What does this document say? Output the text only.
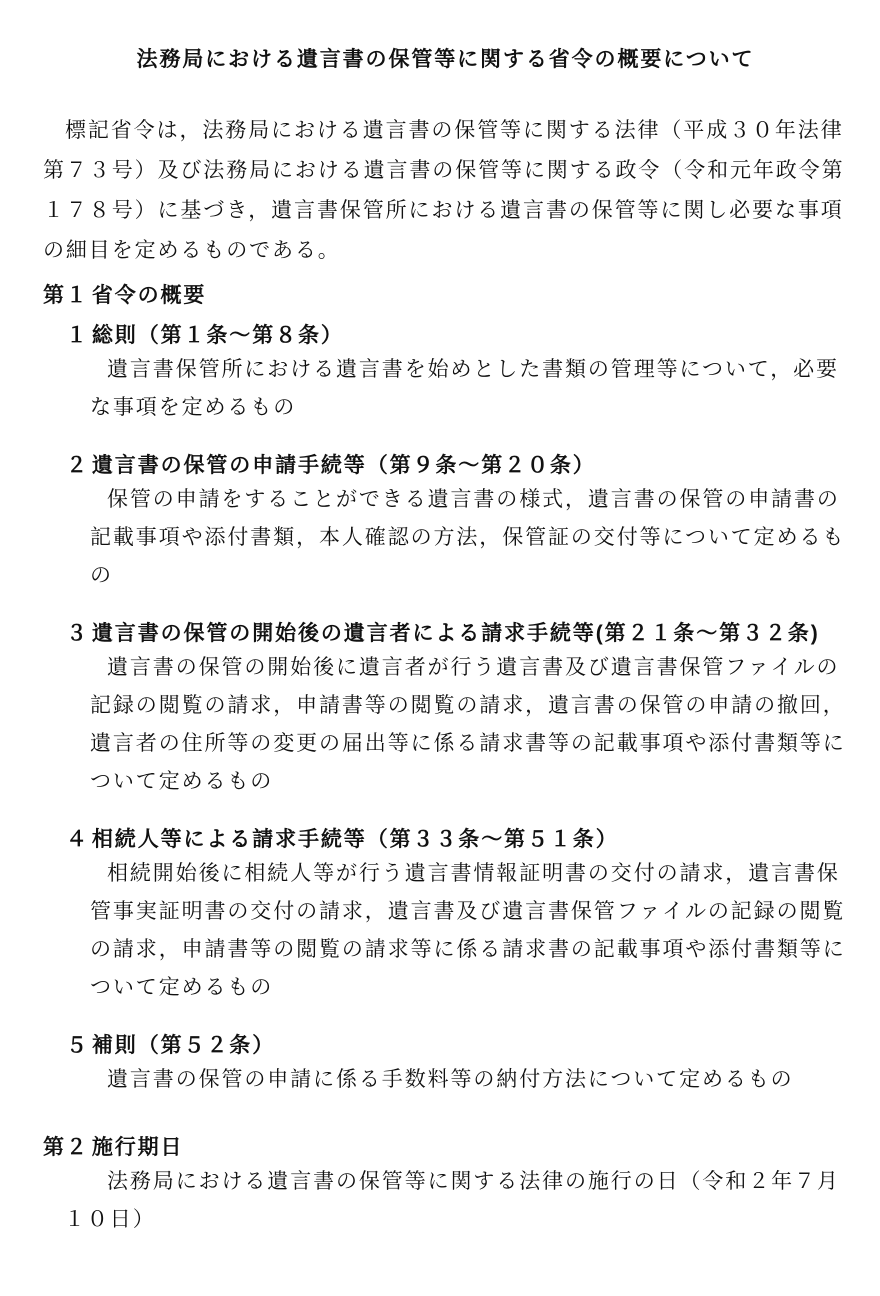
法務局における遺言書の保管等に関する省令の概要について

標記省令は，法務局における遺言書の保管等に関する法律（平成３０年法律第７３号）及び法務局における遺言書の保管等に関する政令（令和元年政令第１７８号）に基づき，遺言書保管所における遺言書の保管等に関し必要な事項の細目を定めるものである。

第１ 省令の概要
１ 総則（第１条～第８条）

遺言書保管所における遺言書を始めとした書類の管理等について，必要な事項を定めるもの

２ 遺言書の保管の申請手続等（第９条～第２０条）

保管の申請をすることができる遺言書の様式，遺言書の保管の申請書の記載事項や添付書類，本人確認の方法，保管証の交付等について定めるもの

３ 遺言書の保管の開始後の遺言者による請求手続等(第２１条～第３２条)

遺言書の保管の開始後に遺言者が行う遺言書及び遺言書保管ファイルの記録の閲覧の請求，申請書等の閲覧の請求，遺言書の保管の申請の撤回，遺言者の住所等の変更の届出等に係る請求書等の記載事項や添付書類等について定めるもの

４ 相続人等による請求手続等（第３３条～第５１条）

相続開始後に相続人等が行う遺言書情報証明書の交付の請求，遺言書保管事実証明書の交付の請求，遺言書及び遺言書保管ファイルの記録の閲覧の請求，申請書等の閲覧の請求等に係る請求書の記載事項や添付書類等について定めるもの

５ 補則（第５２条）

遺言書の保管の申請に係る手数料等の納付方法について定めるもの

第２ 施行期日

法務局における遺言書の保管等に関する法律の施行の日（令和２年７月１０日）
